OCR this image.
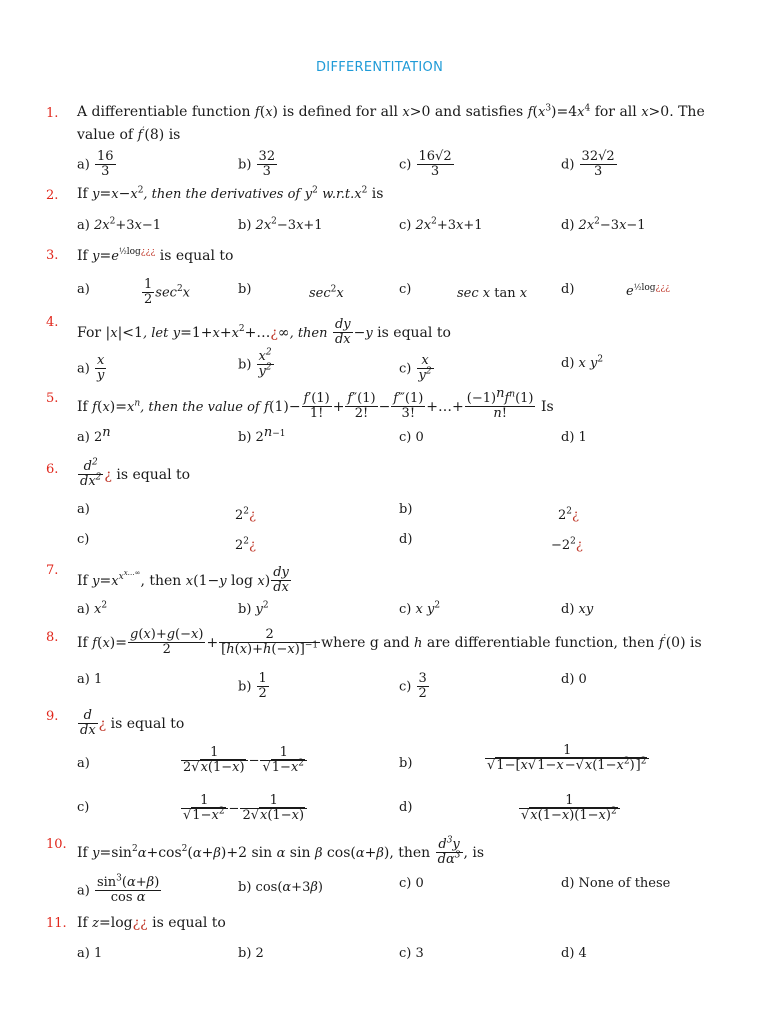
DIFFERENTITATION
1. A differentiable function f(x) is defined for all x>0 and satisfies $f(x^3)=4x^4$ for all x>0. The
value of f′(8) is
$a) \frac{16}{3}$	$b) \frac{32}{3}$	$c) \frac{16√2}{3}$	$d) \frac{32√2}{3}$
2. If $y=x-x^2$, then the derivatives of $y^2$ $w.r.t.x^2$ is
a) $2x^2+3x-1$	b) $2x^2-3x+1$	c) $2x^2+3x+1$	d) $2x^2-3x-1$
3. If $y=e^{\frac{1}{2}log¿¿¿}$ is equal to
a)	$\frac{1}{2} \sec^2x$	b)	$\sec^2x$	c)	sec x tan x	d)	$e^{\frac{1}{2}log¿¿¿}$
4.
For |x|<1, let $y=1+x+x^2+\dots¿\infty$, then $\frac{dy}{dx} -y$ is equal to
$a) \frac{x}{y}$	$b) \frac{x^2}{y^2}$	$c) \frac{x}{y^2}$	d) x $y^2$
5.
If $f(x)=x^n$, then the value of $f(1)- \frac{f'(1)}{1!} + \frac{f''(1)}{2!} - \frac{f‴(1)}{3!}$ +…+ $\frac{(-1)^nf^n(1)}{n!}$ Is
a) 2$^n$	b) $2^{n-1}$	c) 0	d) 1
6. $\frac{d^2}{dx^2}$ ¿ is equal to
a)	$2^2¿$	b)	$2^2¿$
c)	$2^2¿$	d)	$-2^2¿$
7.
If $y=x^{x^{x\dots\infty}}$, then x(1−y $\log x) \frac{dy}{dx}$
a) $x^2$	b) $y^2$	c) x $y^2$	d) xy
8. If $f(x)= \frac{g(x)+g(-x)}{2} + \frac{2}{[h(x)+h(-x)]^{-1}}$ where g and h are differentiable function, then f′(0) is
a) 1	$b) \frac{1}{2}$	$c) \frac{3}{2}$	d) 0
9. $\frac{d}{dx}$ ¿ is equal to
a)	$\frac{1}{2√x(1-x)} - \frac{1}{√1-x^2}$	b)	$\frac{1}{√1-[x√1-x-√x(1-x^2)]^2}$
c)	$\frac{1}{√1-x^2} - \frac{1}{2√x(1-x)}$	d)	$\frac{1}{√x(1-x)(1-x)^2}$
10.
If $y=\sin^2\alpha+\cos^2(\alpha+\beta)+2$ sin α sin β cos(α+β), then $\frac{d^3y}{d\alpha^3}$ , is
$a) \frac{\sin^3(\alpha+\beta)}{\text{cos α}}$	b) cos(α+3β)	c) 0	d) None of these
11. If z=log¿¿ is equal to
a) 1	b) 2	c) 3	d) 4
